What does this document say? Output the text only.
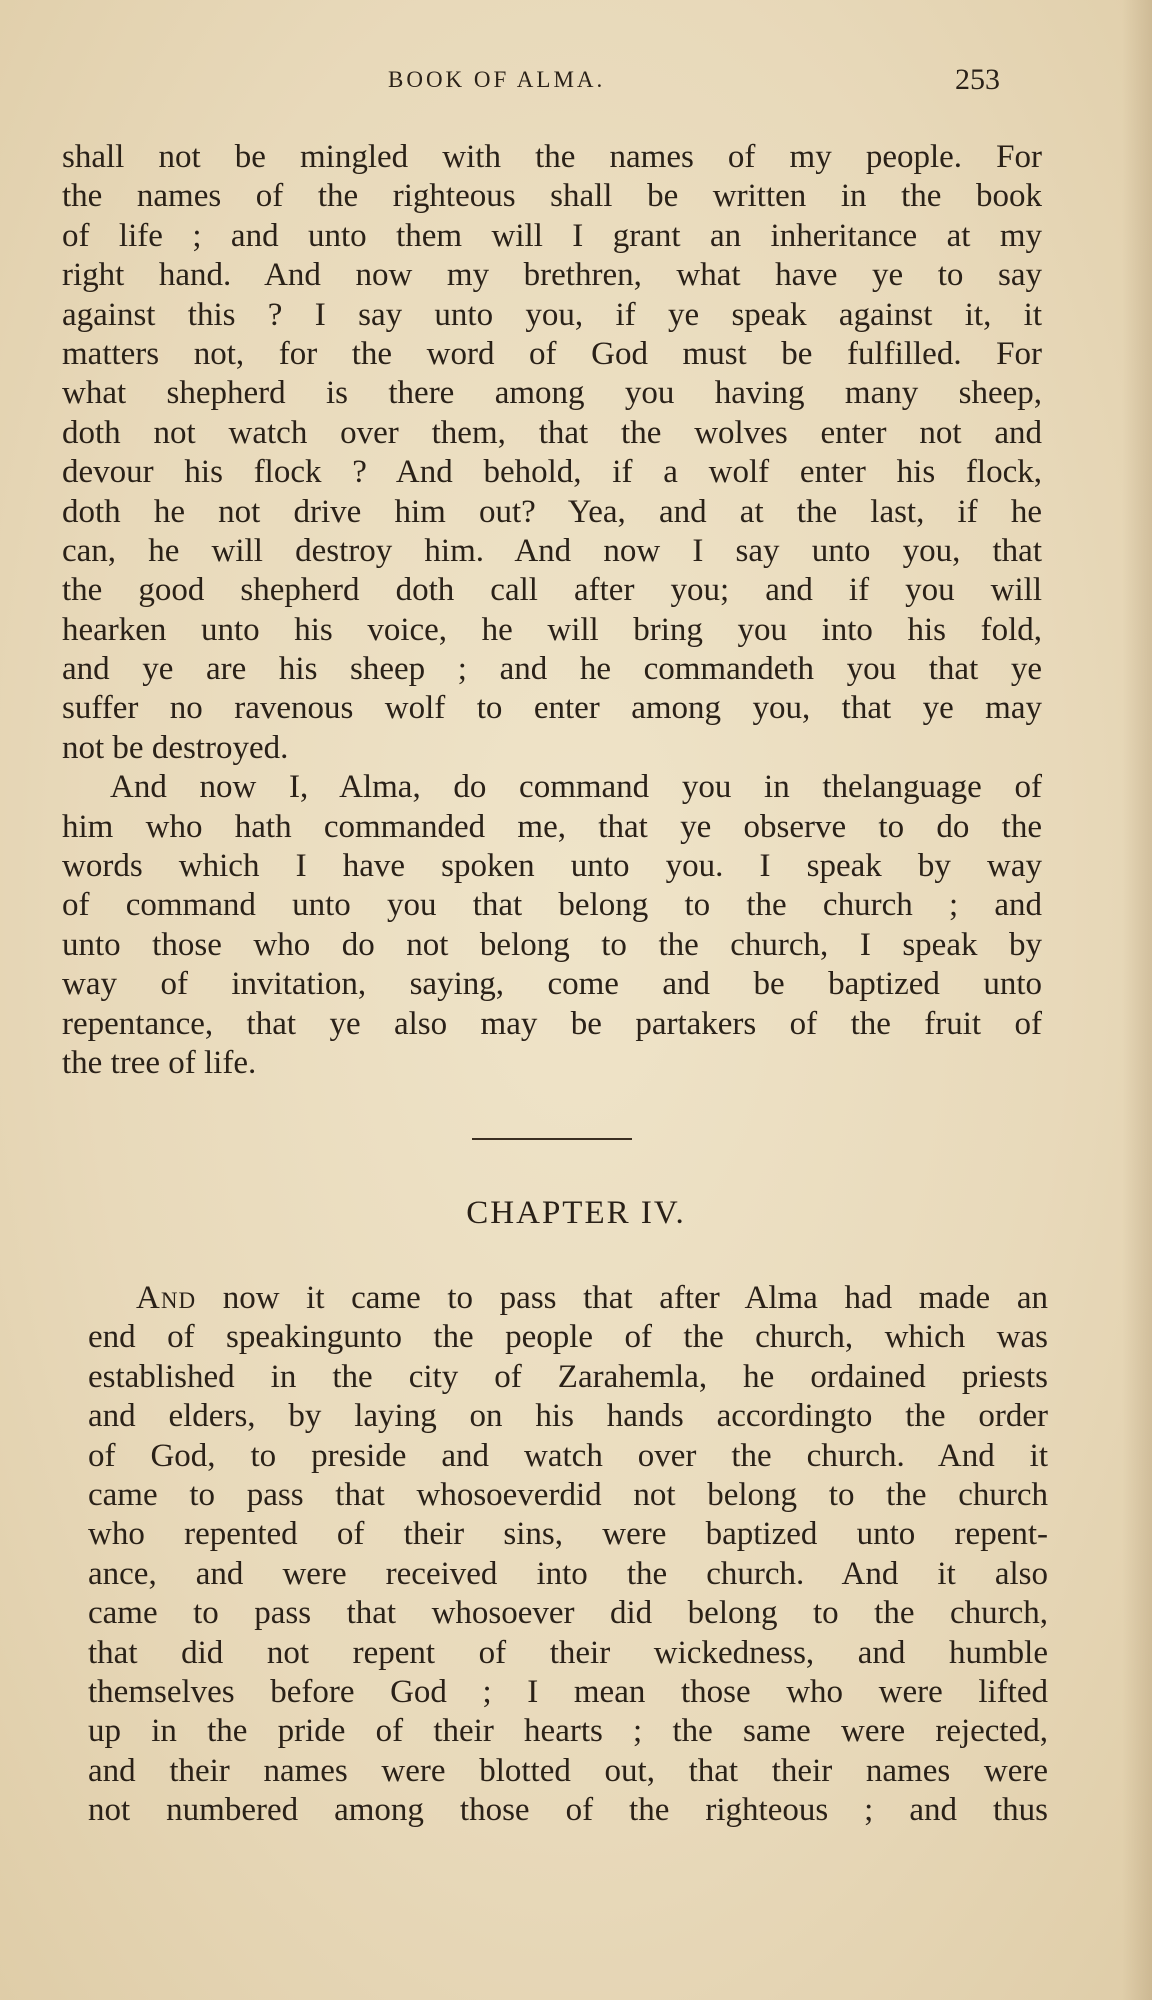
BOOK OF ALMA.	253
shall not be mingled with the names of my people. For
the names of the righteous shall be written in the book
of life ; and unto them will I grant an inheritance at my
right hand. And now my brethren, what have ye to say
against this ? I say unto you, if ye speak against it, it
matters not, for the word of God must be fulfilled. For
what shepherd is there among you having many sheep,
doth not watch over them, that the wolves enter not and
devour his flock ? And behold, if a wolf enter his flock,
doth he not drive him out? Yea, and at the last, if he
can, he will destroy him. And now I say unto you, that
the good shepherd doth call after you; and if you will
hearken unto his voice, he will bring you into his fold,
and ye are his sheep ; and he commandeth you that ye
suffer no ravenous wolf to enter among you, that ye may
not be destroyed.
And now I, Alma, do command you in thelanguage of
him who hath commanded me, that ye observe to do the
words which I have spoken unto you. I speak by way
of command unto you that belong to the church ; and
unto those who do not belong to the church, I speak by
way of invitation, saying, come and be baptized unto
repentance, that ye also may be partakers of the fruit of
the tree of life.
CHAPTER IV.
And now it came to pass that after Alma had made an
end of speakingunto the people of the church, which was
established in the city of Zarahemla, he ordained priests
and elders, by laying on his hands accordingto the order
of God, to preside and watch over the church. And it
came to pass that whosoeverdid not belong to the church
who repented of their sins, were baptized unto repent-
ance, and were received into the church. And it also
came to pass that whosoever did belong to the church,
that did not repent of their wickedness, and humble
themselves before God ; I mean those who were lifted
up in the pride of their hearts ; the same were rejected,
and their names were blotted out, that their names were
not numbered among those of the righteous ; and thus
